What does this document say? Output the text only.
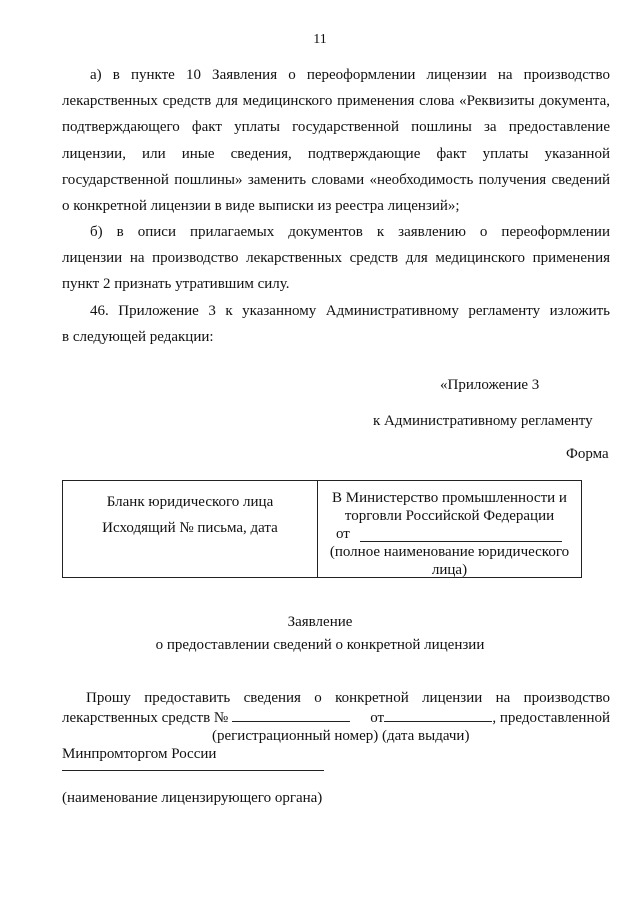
11
а) в пункте 10 Заявления о переоформлении лицензии на производство
лекарственных средств для медицинского применения слова «Реквизиты документа,
подтверждающего факт уплаты государственной пошлины за предоставление
лицензии, или иные сведения, подтверждающие факт уплаты указанной
государственной пошлины» заменить словами «необходимость получения сведений
о конкретной лицензии в виде выписки из реестра лицензий»;
б) в описи прилагаемых документов к заявлению о переоформлении
лицензии на производство лекарственных средств для медицинского применения
пункт 2 признать утратившим силу.
46. Приложение 3 к указанному Административному регламенту изложить
в следующей редакции:
«Приложение 3
к Административному регламенту
Форма
Бланк юридического лица
Исходящий № письма, дата
В Министерство промышленности и
торговли Российской Федерации
от
(полное наименование юридического
лица)
Заявление
о предоставлении сведений о конкретной лицензии
Прошу предоставить сведения о конкретной лицензии на производство
лекарственных средств №	от	, предоставленной
(регистрационный номер) (дата выдачи)
Минпромторгом России
(наименование лицензирующего органа)
